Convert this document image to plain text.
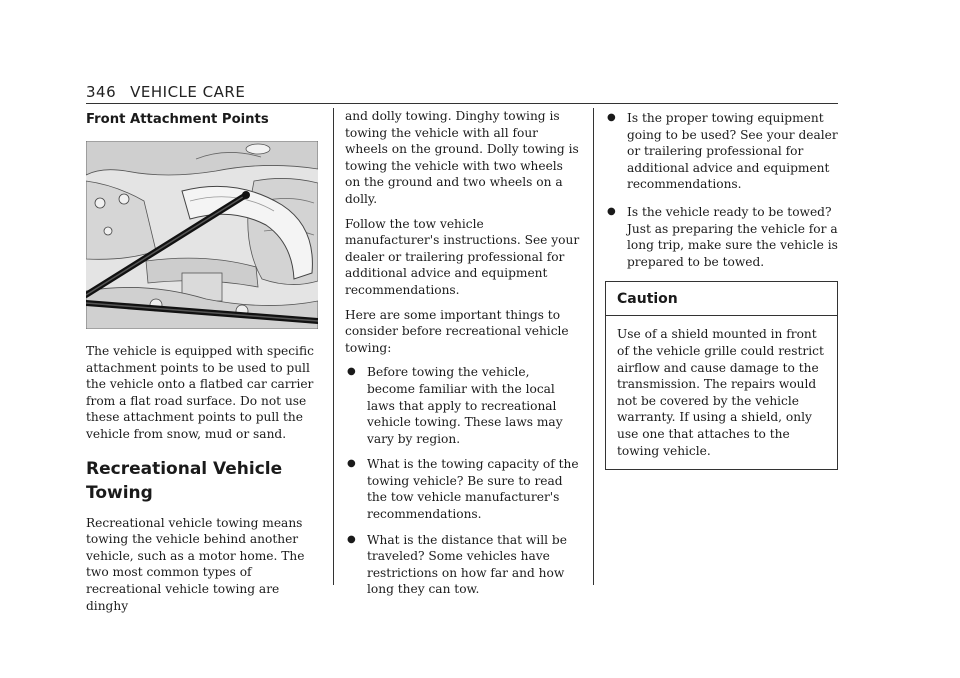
346 VEHICLE CARE
Front Attachment Points

The vehicle is equipped with specific attachment points to be used to pull the vehicle onto a flatbed car carrier from a flat road surface. Do not use these attachment points to pull the vehicle from snow, mud or sand.

Recreational Vehicle Towing

Recreational vehicle towing means towing the vehicle behind another vehicle, such as a motor home. The two most common types of recreational vehicle towing are dinghy

and dolly towing. Dinghy towing is towing the vehicle with all four wheels on the ground. Dolly towing is towing the vehicle with two wheels on the ground and two wheels on a dolly.

Follow the tow vehicle manufacturer's instructions. See your dealer or trailering professional for additional advice and equipment recommendations.

Here are some important things to consider before recreational vehicle towing:

● Before towing the vehicle, become familiar with the local laws that apply to recreational vehicle towing. These laws may vary by region.
● What is the towing capacity of the towing vehicle? Be sure to read the tow vehicle manufacturer's recommendations.
● What is the distance that will be traveled? Some vehicles have restrictions on how far and how long they can tow.
● Is the proper towing equipment going to be used? See your dealer or trailering professional for additional advice and equipment recommendations.
● Is the vehicle ready to be towed? Just as preparing the vehicle for a long trip, make sure the vehicle is prepared to be towed.
Caution
Use of a shield mounted in front of the vehicle grille could restrict airflow and cause damage to the transmission. The repairs would not be covered by the vehicle warranty. If using a shield, only use one that attaches to the towing vehicle.
